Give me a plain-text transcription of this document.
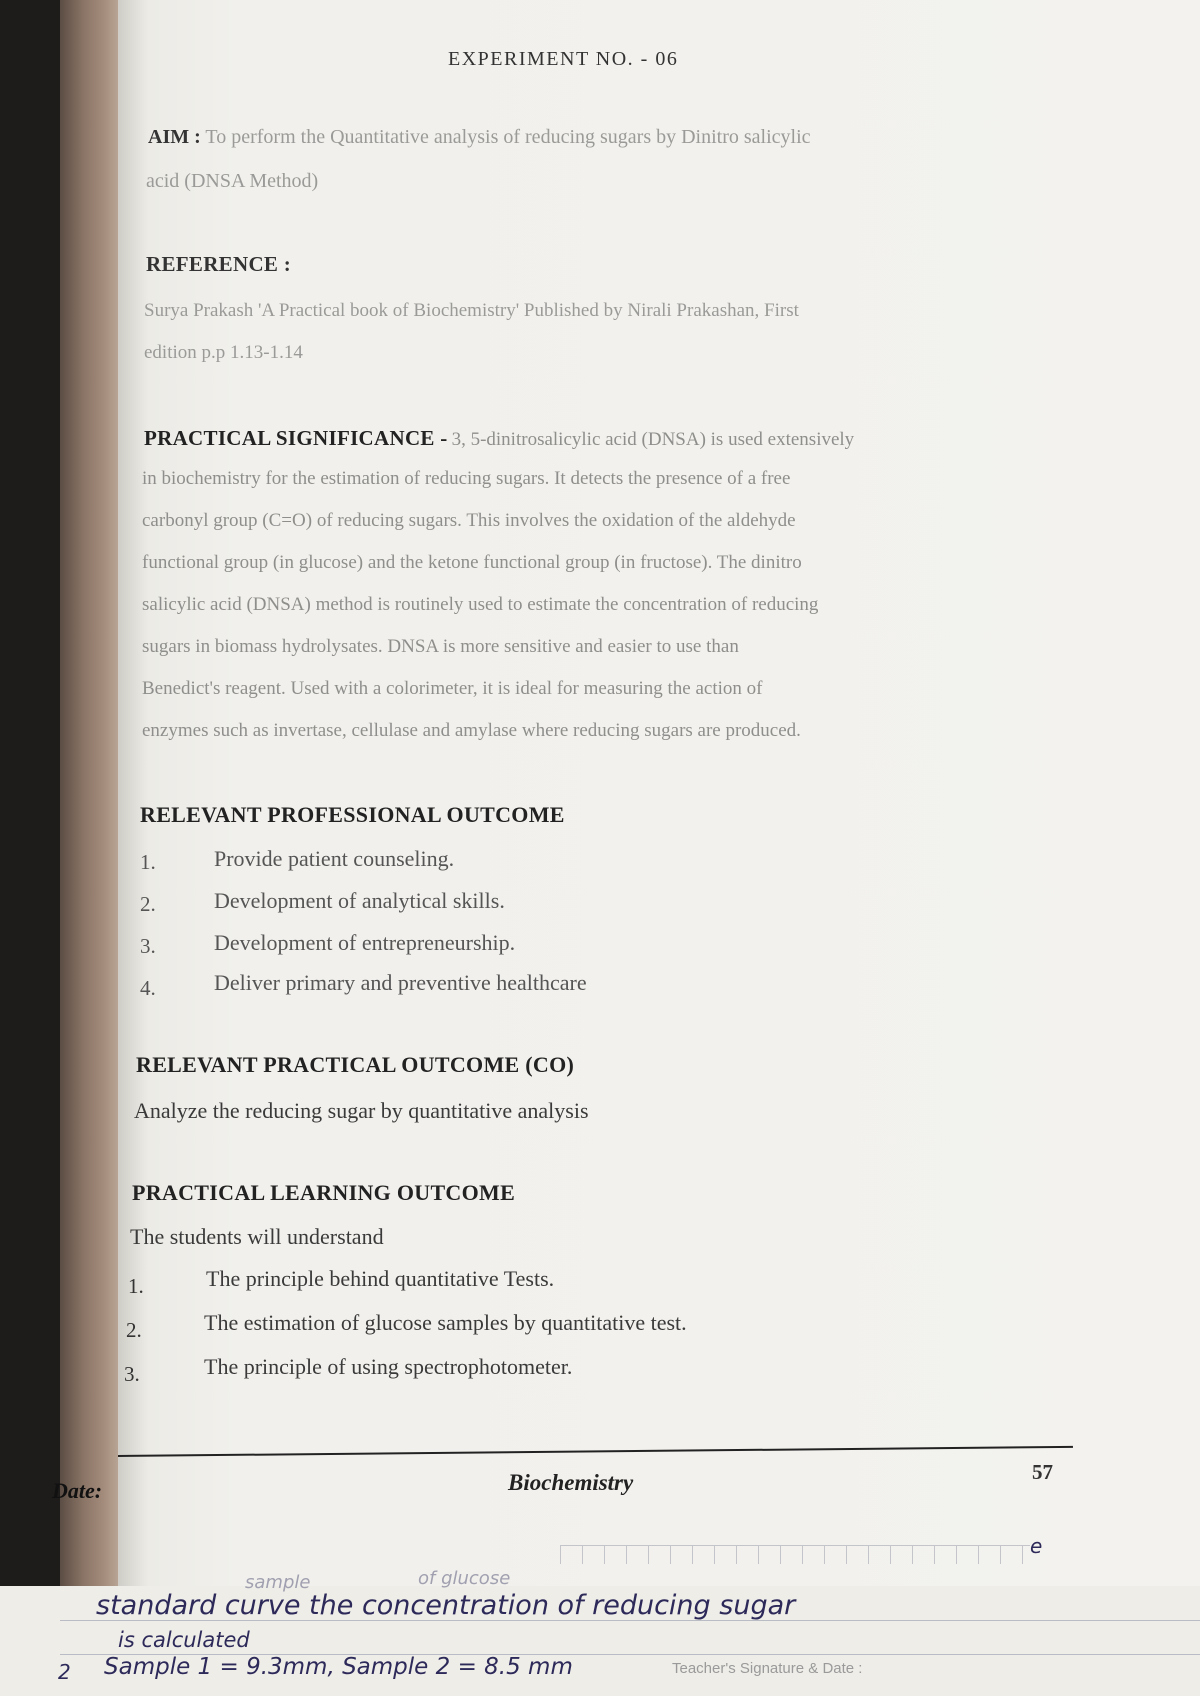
EXPERIMENT NO. - 06

AIM : To perform the Quantitative analysis of reducing sugars by Dinitro salicylic

acid (DNSA Method)

REFERENCE :

Surya Prakash 'A Practical book of Biochemistry' Published by Nirali Prakashan, First

edition p.p 1.13-1.14

PRACTICAL SIGNIFICANCE - 3, 5-dinitrosalicylic acid (DNSA) is used extensively

in biochemistry for the estimation of reducing sugars. It detects the presence of a free

carbonyl group (C=O) of reducing sugars. This involves the oxidation of the aldehyde

functional group (in glucose) and the ketone functional group (in fructose). The dinitro

salicylic acid (DNSA) method is routinely used to estimate the concentration of reducing

sugars in biomass hydrolysates. DNSA is more sensitive and easier to use than

Benedict's reagent. Used with a colorimeter, it is ideal for measuring the action of

enzymes such as invertase, cellulase and amylase where reducing sugars are produced.

RELEVANT PROFESSIONAL OUTCOME

1.	Provide patient counseling.

2.	Development of analytical skills.

3.	Development of entrepreneurship.

4.	Deliver primary and preventive healthcare

RELEVANT PRACTICAL OUTCOME (CO)

Analyze the reducing sugar by quantitative analysis

PRACTICAL LEARNING OUTCOME

The students will understand

1.	The principle behind quantitative Tests.

2.	The estimation of glucose samples by quantitative test.

3.	The principle of using spectrophotometer.

Date:	Biochemistry	57

sample	of glucose

e

standard curve the concentration of reducing sugar

is calculated

Sample 1 = 9.3mm, Sample 2 = 8.5 mm

2	Teacher's Signature & Date :
